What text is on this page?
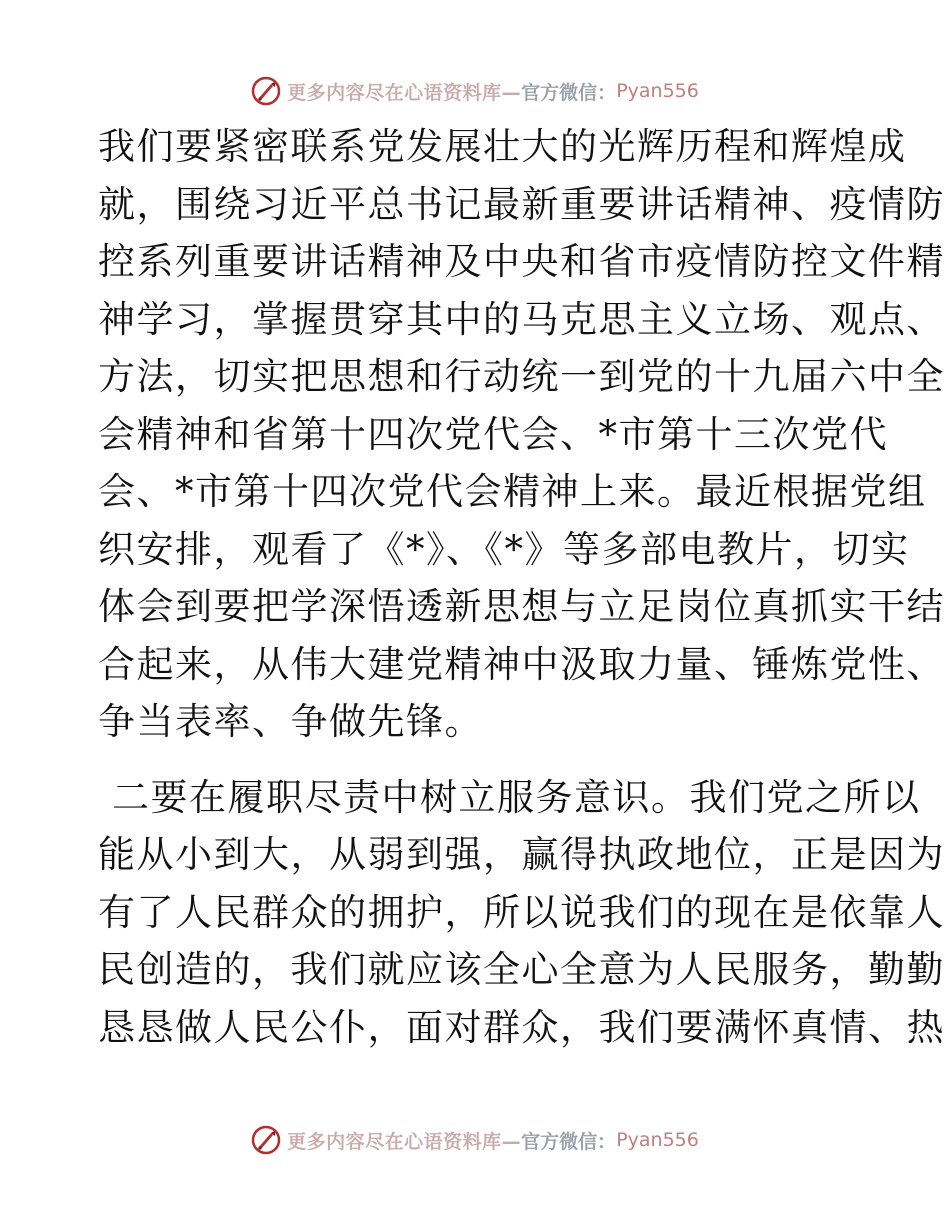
更多内容尽在心语资料库— 官方微信： Pyan556
我们要紧密联系党发展壮大的光辉历程和辉煌成
就，围绕习近平总书记最新重要讲话精神、疫情防
控系列重要讲话精神及中央和省市疫情防控文件精
神学习，掌握贯穿其中的马克思主义立场、观点、
方法，切实把思想和行动统一到党的十九届六中全
会精神和省第十四次党代会、*市第十三次党代
会、*市第十四次党代会精神上来。最近根据党组
织安排，观看了《*》、《*》等多部电教片，切实
体会到要把学深悟透新思想与立足岗位真抓实干结
合起来，从伟大建党精神中汲取力量、锤炼党性、
争当表率、争做先锋。
二要在履职尽责中树立服务意识。我们党之所以
能从小到大，从弱到强，赢得执政地位，正是因为
有了人民群众的拥护，所以说我们的现在是依靠人
民创造的，我们就应该全心全意为人民服务，勤勤
恳恳做人民公仆，面对群众，我们要满怀真情、热
更多内容尽在心语资料库— 官方微信： Pyan556
